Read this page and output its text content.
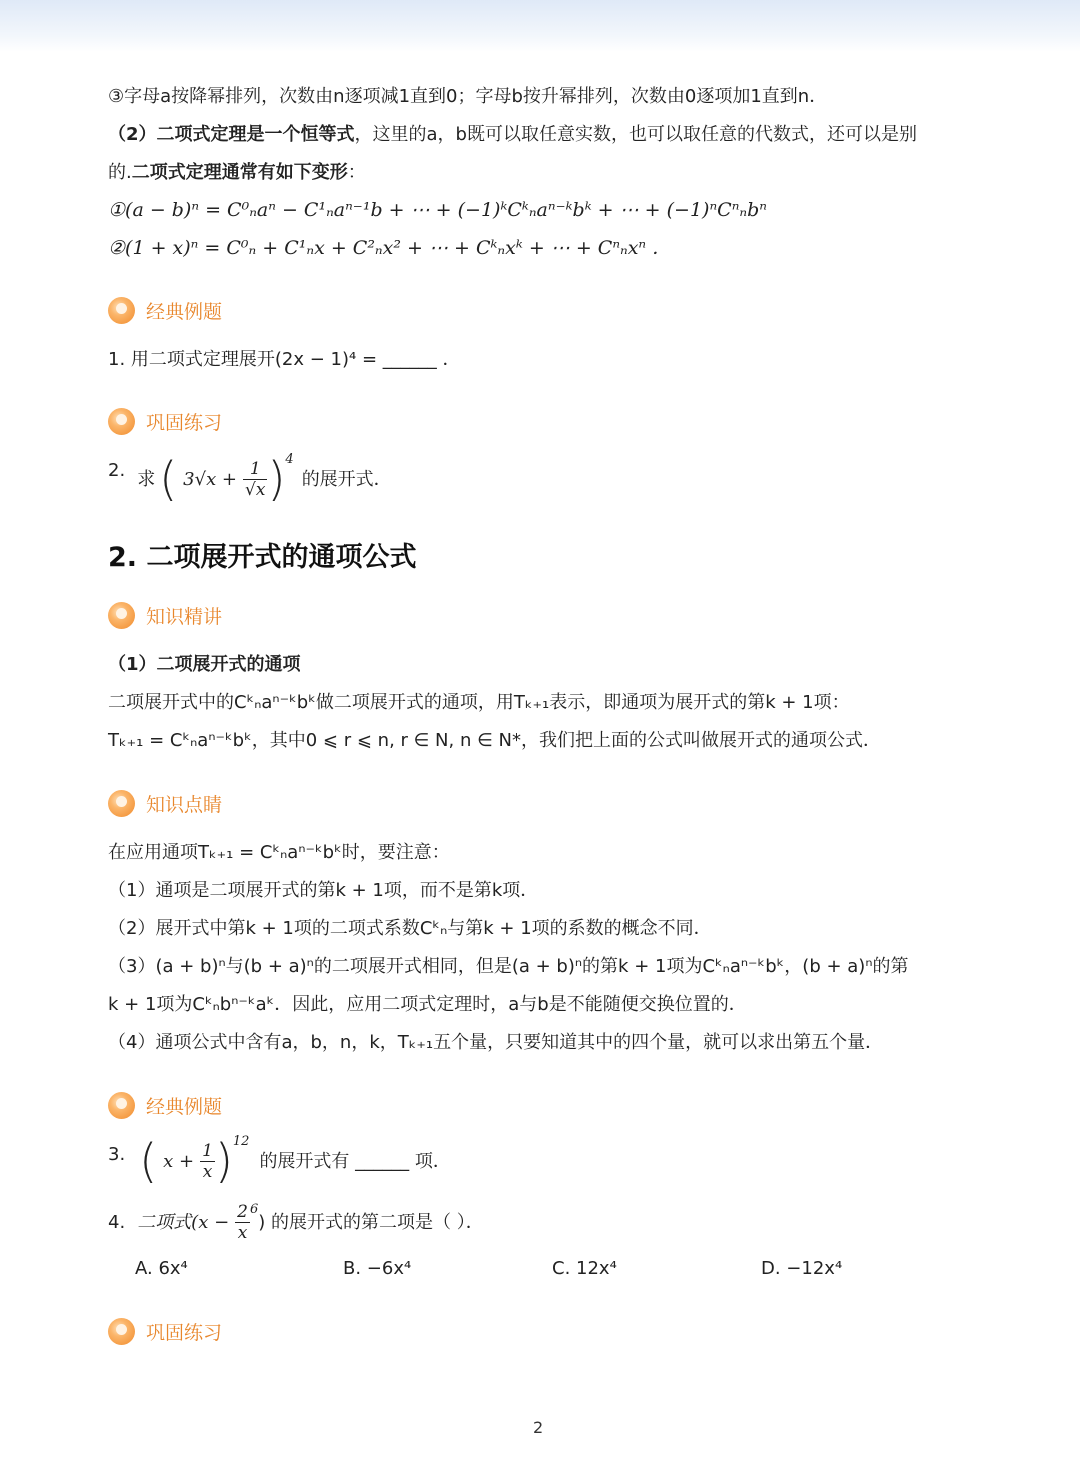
③字母a按降幂排列，次数由n逐项减1直到0；字母b按升幂排列，次数由0逐项加1直到n．
（2）二项式定理是一个恒等式，这里的a，b既可以取任意实数，也可以取任意的代数式，还可以是别
的.二项式定理通常有如下变形：
①(a − b)ⁿ = C⁰ₙaⁿ − C¹ₙaⁿ⁻¹b + ⋯ + (−1)ᵏCᵏₙaⁿ⁻ᵏbᵏ + ⋯ + (−1)ⁿCⁿₙbⁿ
②(1 + x)ⁿ = C⁰ₙ + C¹ₙx + C²ₙx² + ⋯ + Cᵏₙxᵏ + ⋯ + Cⁿₙxⁿ ．
经典例题
1. 用二项式定理展开(2x − 1)⁴ = ______ ．
巩固练习
2. 求 ( $3√x + \frac{1}{√x}$ ) 4
的展开式．
2. 二项展开式的通项公式
知识精讲
（1）二项展开式的通项
二项展开式中的Cᵏₙaⁿ⁻ᵏbᵏ做二项展开式的通项，用Tₖ₊₁表示，即通项为展开式的第k + 1项：
Tₖ₊₁ = Cᵏₙaⁿ⁻ᵏbᵏ，其中0 ⩽ r ⩽ n, r ∈ N, n ∈ N*，我们把上面的公式叫做展开式的通项公式．
知识点睛
在应用通项Tₖ₊₁ = Cᵏₙaⁿ⁻ᵏbᵏ时，要注意：
（1）通项是二项展开式的第k + 1项，而不是第k项．
（2）展开式中第k + 1项的二项式系数Cᵏₙ与第k + 1项的系数的概念不同．
（3）(a + b)ⁿ与(b + a)ⁿ的二项展开式相同，但是(a + b)ⁿ的第k + 1项为Cᵏₙaⁿ⁻ᵏbᵏ，(b + a)ⁿ的第
k + 1项为Cᵏₙbⁿ⁻ᵏaᵏ．因此，应用二项式定理时，a与b是不能随便交换位置的．
（4）通项公式中含有a，b，n，k，Tₖ₊₁五个量，只要知道其中的四个量，就可以求出第五个量．
经典例题
3. ( $x + \frac{1}{x}$ ) 12
的展开式有 ______ 项．
4. 二项式($x - \frac{2}{x} 6$
) 的展开式的第二项是（ ）．
A. 6x⁴	B. −6x⁴	C. 12x⁴	D. −12x⁴
巩固练习
2
